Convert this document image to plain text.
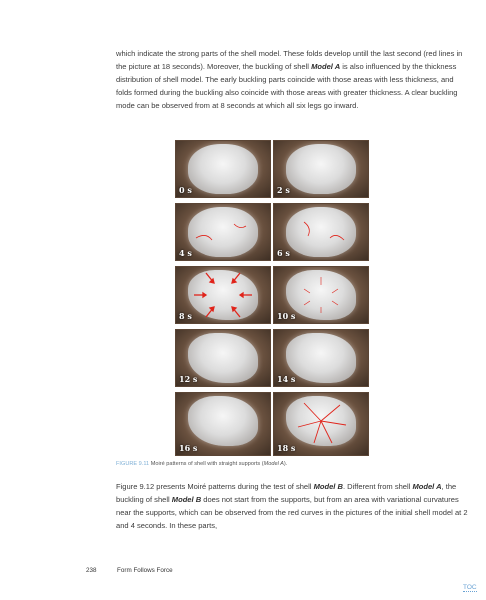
which indicate the strong parts of the shell model. These folds develop untill the last second (red lines in the picture at 18 seconds). Moreover, the buckling of shell Model A is also influenced by the thickness distribution of shell model. The early buckling parts coincide with those areas with less thickness, and folds formed during the buckling also coincide with those areas with greater thickness. A clear buckling mode can be observed from at 8 seconds at which all six legs go inward.
0 s	2 s
4 s	6 s
8 s	10 s
12 s	14 s
16 s	18 s
FIGURE 9.11 Moiré patterns of shell with straight supports (Model A).
Figure 9.12 presents Moiré patterns during the test of shell Model B. Different from shell Model A, the buckling of shell Model B does not start from the supports, but from an area with variational curvatures near the supports, which can be observed from the red curves in the pictures of the initial shell model at 2 and 4 seconds. In these parts,
238	Form Follows Force
TOC
